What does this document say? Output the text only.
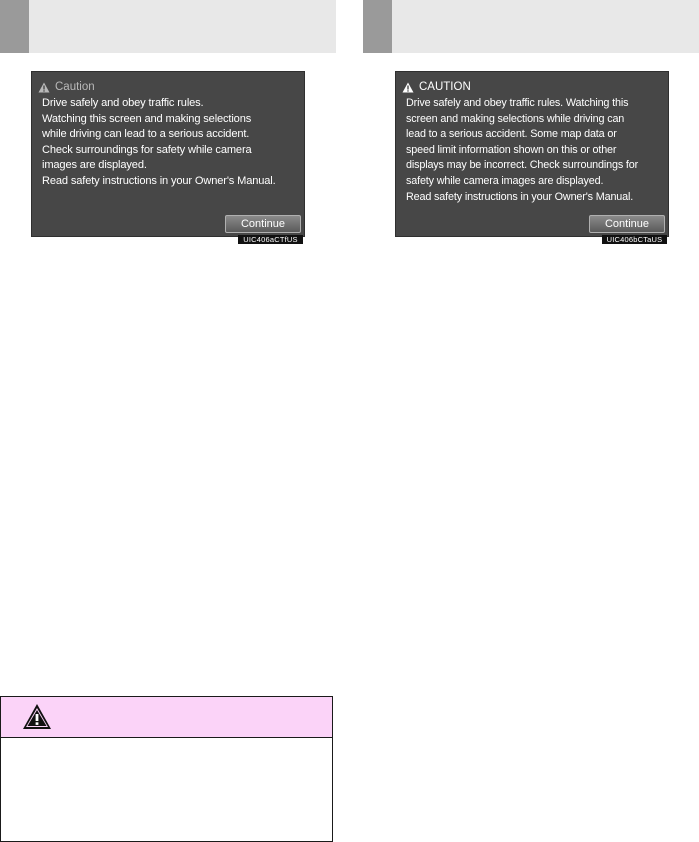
Caution

Drive safely and obey traffic rules.
Watching this screen and making selections
while driving can lead to a serious accident.
Check surroundings for safety while camera
images are displayed.
Read safety instructions in your Owner's Manual.

Continue
UIC406aCTfUS
CAUTION

Drive safely and obey traffic rules. Watching this
screen and making selections while driving can
lead to a serious accident. Some map data or
speed limit information shown on this or other
displays may be incorrect. Check surroundings for
safety while camera images are displayed.
Read safety instructions in your Owner's Manual.

Continue
UIC406bCTaUS
